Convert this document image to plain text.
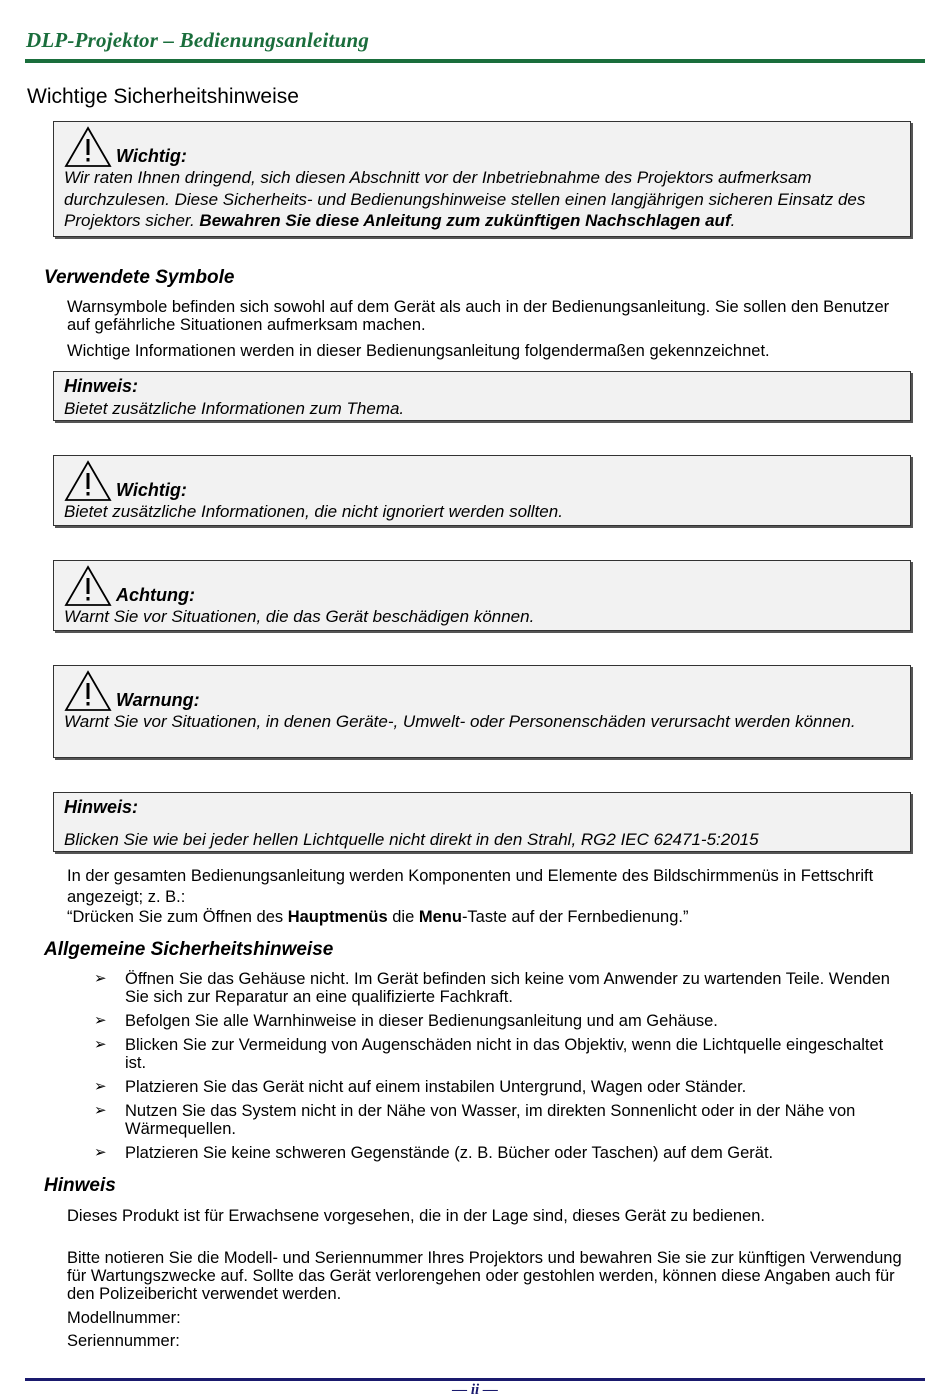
DLP-Projektor – Bedienungsanleitung
Wichtige Sicherheitshinweise
Wichtig:
Wir raten Ihnen dringend, sich diesen Abschnitt vor der Inbetriebnahme des Projektors aufmerksam durchzulesen. Diese Sicherheits- und Bedienungshinweise stellen einen langjährigen sicheren Einsatz des Projektors sicher. Bewahren Sie diese Anleitung zum zukünftigen Nachschlagen auf.
Verwendete Symbole
Warnsymbole befinden sich sowohl auf dem Gerät als auch in der Bedienungsanleitung. Sie sollen den Benutzer auf gefährliche Situationen aufmerksam machen.
Wichtige Informationen werden in dieser Bedienungsanleitung folgendermaßen gekennzeichnet.
Hinweis:
Bietet zusätzliche Informationen zum Thema.
Wichtig:
Bietet zusätzliche Informationen, die nicht ignoriert werden sollten.
Achtung:
Warnt Sie vor Situationen, die das Gerät beschädigen können.
Warnung:
Warnt Sie vor Situationen, in denen Geräte-, Umwelt- oder Personenschäden verursacht werden können.
Hinweis:
Blicken Sie wie bei jeder hellen Lichtquelle nicht direkt in den Strahl, RG2 IEC 62471-5:2015
In der gesamten Bedienungsanleitung werden Komponenten und Elemente des Bildschirmmenüs in Fettschrift angezeigt; z. B.:
“Drücken Sie zum Öffnen des Hauptmenüs die Menu-Taste auf der Fernbedienung.”
Allgemeine Sicherheitshinweise
➢	Öffnen Sie das Gehäuse nicht. Im Gerät befinden sich keine vom Anwender zu wartenden Teile. Wenden Sie sich zur Reparatur an eine qualifizierte Fachkraft.
➢	Befolgen Sie alle Warnhinweise in dieser Bedienungsanleitung und am Gehäuse.
➢	Blicken Sie zur Vermeidung von Augenschäden nicht in das Objektiv, wenn die Lichtquelle eingeschaltet ist.
➢	Platzieren Sie das Gerät nicht auf einem instabilen Untergrund, Wagen oder Ständer.
➢	Nutzen Sie das System nicht in der Nähe von Wasser, im direkten Sonnenlicht oder in der Nähe von Wärmequellen.
➢	Platzieren Sie keine schweren Gegenstände (z. B. Bücher oder Taschen) auf dem Gerät.
Hinweis
Dieses Produkt ist für Erwachsene vorgesehen, die in der Lage sind, dieses Gerät zu bedienen.
Bitte notieren Sie die Modell- und Seriennummer Ihres Projektors und bewahren Sie sie zur künftigen Verwendung für Wartungszwecke auf. Sollte das Gerät verlorengehen oder gestohlen werden, können diese Angaben auch für den Polizeibericht verwendet werden.
Modellnummer:
Seriennummer:
— ii —
